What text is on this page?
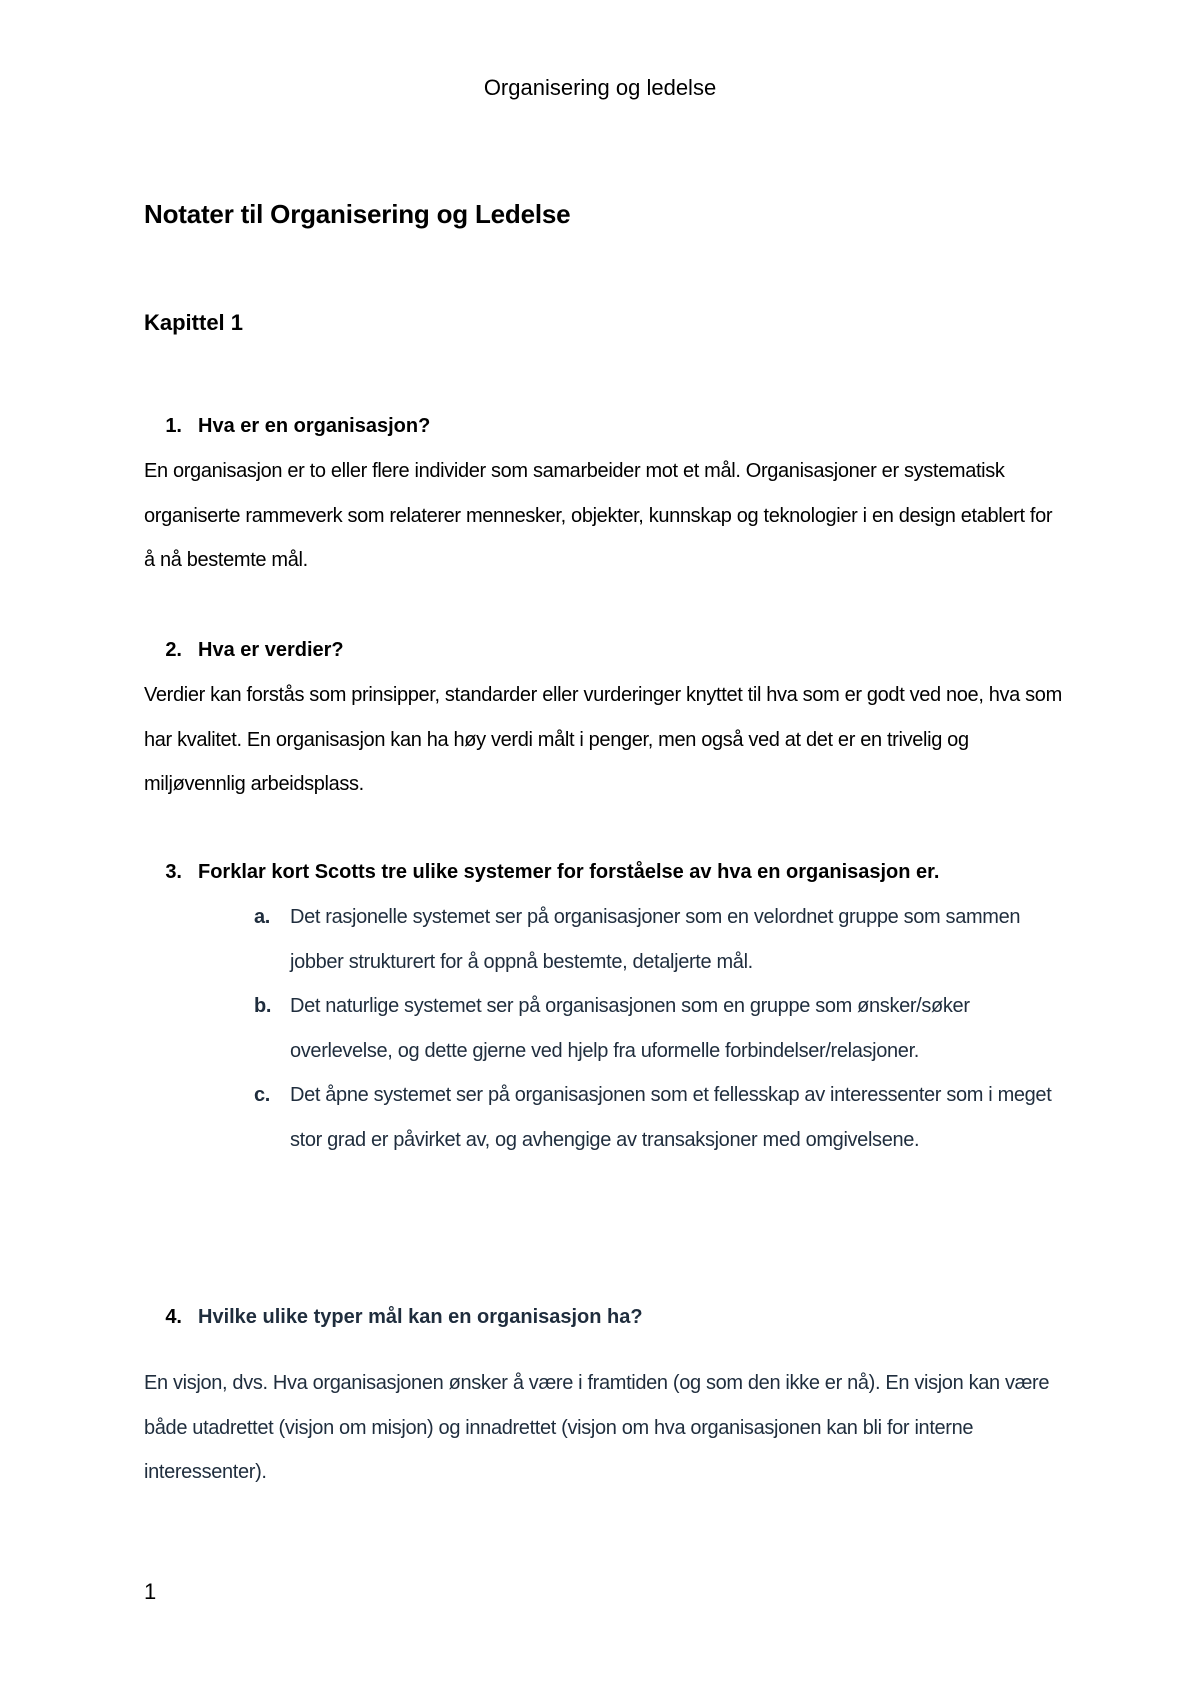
Organisering og ledelse
Notater til Organisering og Ledelse
Kapittel 1
1. Hva er en organisasjon?

En organisasjon er to eller flere individer som samarbeider mot et mål. Organisasjoner er systematisk organiserte rammeverk som relaterer mennesker, objekter, kunnskap og teknologier i en design etablert for å nå bestemte mål.

2. Hva er verdier?

Verdier kan forstås som prinsipper, standarder eller vurderinger knyttet til hva som er godt ved noe, hva som har kvalitet. En organisasjon kan ha høy verdi målt i penger, men også ved at det er en trivelig og miljøvennlig arbeidsplass.

3. Forklar kort Scotts tre ulike systemer for forståelse av hva en organisasjon er.
a. Det rasjonelle systemet ser på organisasjoner som en velordnet gruppe som sammen jobber strukturert for å oppnå bestemte, detaljerte mål.
b. Det naturlige systemet ser på organisasjonen som en gruppe som ønsker/søker overlevelse, og dette gjerne ved hjelp fra uformelle forbindelser/relasjoner.
c. Det åpne systemet ser på organisasjonen som et fellesskap av interessenter som i meget stor grad er påvirket av, og avhengige av transaksjoner med omgivelsene.
4. Hvilke ulike typer mål kan en organisasjon ha?

En visjon, dvs. Hva organisasjonen ønsker å være i framtiden (og som den ikke er nå). En visjon kan være både utadrettet (visjon om misjon) og innadrettet (visjon om hva organisasjonen kan bli for interne interessenter).

1
